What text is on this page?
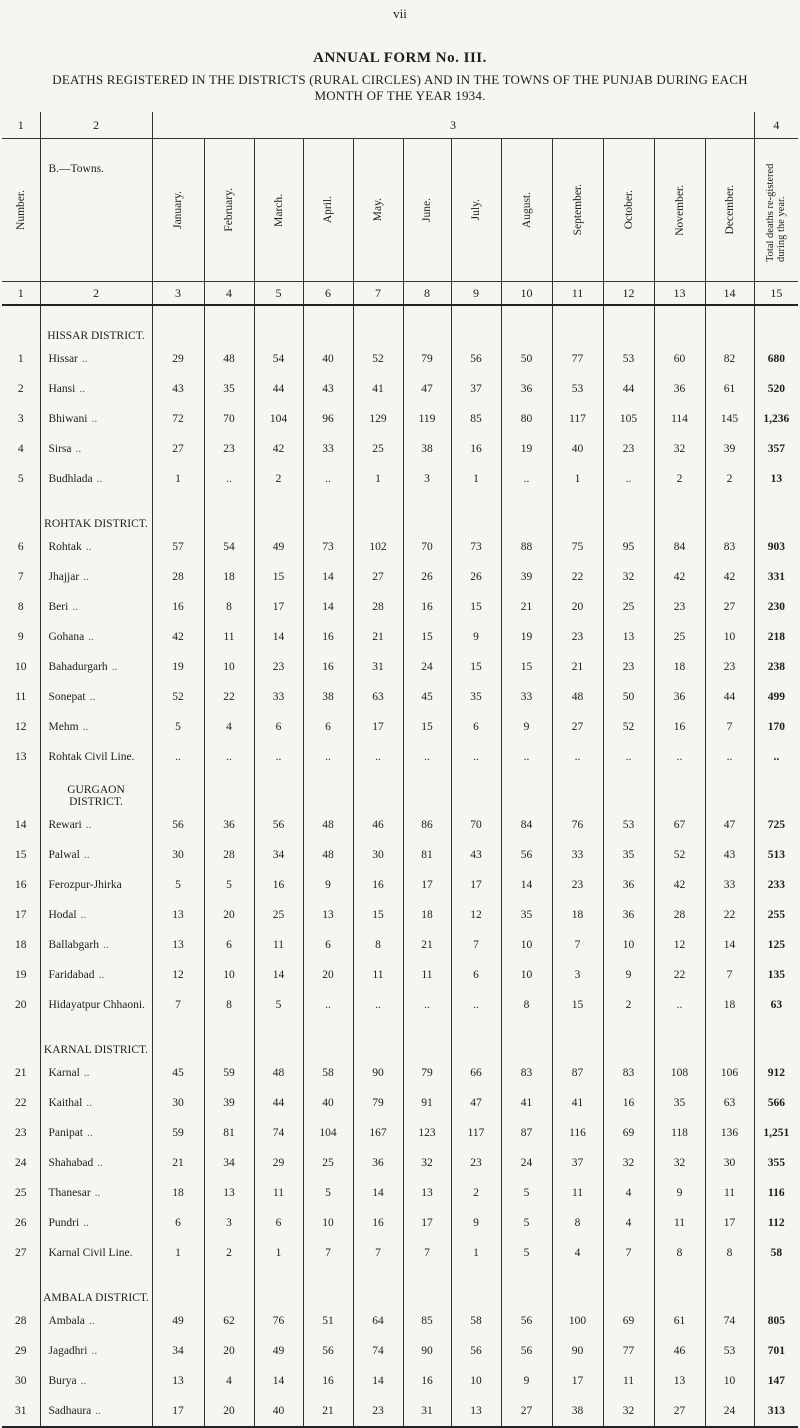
vii
ANNUAL FORM No. III.
DEATHS REGISTERED IN THE DISTRICTS (RURAL CIRCLES) AND IN THE TOWNS OF THE PUNJAB DURING EACH MONTH OF THE YEAR 1934.
1	2	3												4

Number.	B.—Towns.	January.	February.	March.	April.	May.	June.	July.	August.	September.	October.	November.	December.	Total deaths re-gistered during the year.

1	2	3	4	5	6	7	8	9	10	11	12	13	14	15
	HISSAR DISTRICT.													
1	Hissar ..	29	48	54	40	52	79	56	50	77	53	60	82	680
2	Hansi ..	43	35	44	43	41	47	37	36	53	44	36	61	520
3	Bhiwani ..	72	70	104	96	129	119	85	80	117	105	114	145	1,236
4	Sirsa ..	27	23	42	33	25	38	16	19	40	23	32	39	357
5	Budhlada ..	1	..	2	..	1	3	1	..	1	..	2	2	13
	ROHTAK DISTRICT.													
6	Rohtak ..	57	54	49	73	102	70	73	88	75	95	84	83	903
7	Jhajjar ..	28	18	15	14	27	26	26	39	22	32	42	42	331
8	Beri ..	16	8	17	14	28	16	15	21	20	25	23	27	230
9	Gohana ..	42	11	14	16	21	15	9	19	23	13	25	10	218
10	Bahadurgarh ..	19	10	23	16	31	24	15	15	21	23	18	23	238
11	Sonepat ..	52	22	33	38	63	45	35	33	48	50	36	44	499
12	Mehm ..	5	4	6	6	17	15	6	9	27	52	16	7	170
13	Rohtak Civil Line.	..	..	..	..	..	..	..	..	..	..	..	..	..
	GURGAON DISTRICT.													
14	Rewari ..	56	36	56	48	46	86	70	84	76	53	67	47	725
15	Palwal ..	30	28	34	48	30	81	43	56	33	35	52	43	513
16	Ferozpur-Jhirka	5	5	16	9	16	17	17	14	23	36	42	33	233
17	Hodal ..	13	20	25	13	15	18	12	35	18	36	28	22	255
18	Ballabgarh ..	13	6	11	6	8	21	7	10	7	10	12	14	125
19	Faridabad ..	12	10	14	20	11	11	6	10	3	9	22	7	135
20	Hidayatpur Chhaoni.	7	8	5	..	..	..	..	8	15	2	..	18	63
	KARNAL DISTRICT.													
21	Karnal ..	45	59	48	58	90	79	66	83	87	83	108	106	912
22	Kaithal ..	30	39	44	40	79	91	47	41	41	16	35	63	566
23	Panipat ..	59	81	74	104	167	123	117	87	116	69	118	136	1,251
24	Shahabad ..	21	34	29	25	36	32	23	24	37	32	32	30	355
25	Thanesar ..	18	13	11	5	14	13	2	5	11	4	9	11	116
26	Pundri ..	6	3	6	10	16	17	9	5	8	4	11	17	112
27	Karnal Civil Line.	1	2	1	7	7	7	1	5	4	7	8	8	58
	AMBALA DISTRICT.													
28	Ambala ..	49	62	76	51	64	85	58	56	100	69	61	74	805
29	Jagadhri ..	34	20	49	56	74	90	56	56	90	77	46	53	701
30	Burya ..	13	4	14	16	14	16	10	9	17	11	13	10	147
31	Sadhaura ..	17	20	40	21	23	31	13	27	38	32	27	24	313
